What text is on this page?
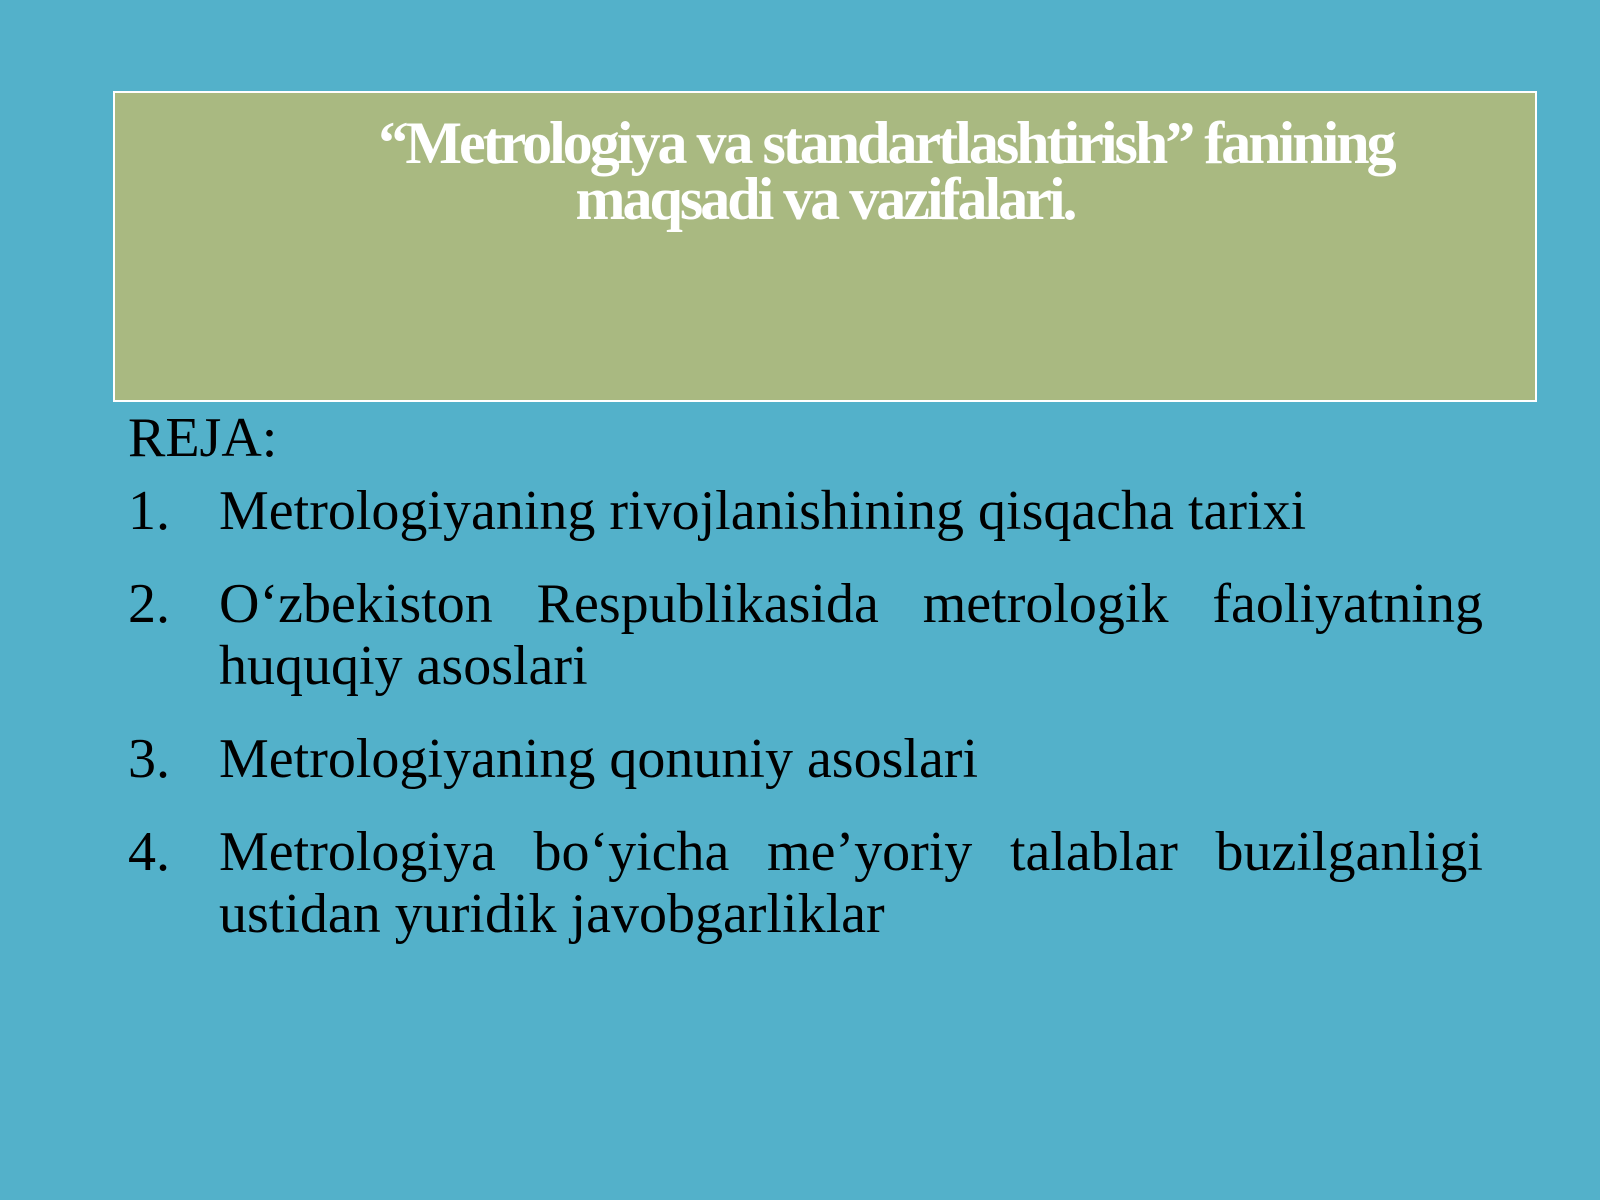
“Metrologiya va standartlashtirish” fanining
maqsadi va vazifalari.
REJA:
1. Metrologiyaning rivojlanishining qisqacha tarixi
2. O‘zbekiston Respublikasida metrologik faoliyatning huquqiy asoslari
3. Metrologiyaning qonuniy asoslari
4. Metrologiya bo‘yicha me’yoriy talablar buzilganligi ustidan yuridik javobgarliklar
